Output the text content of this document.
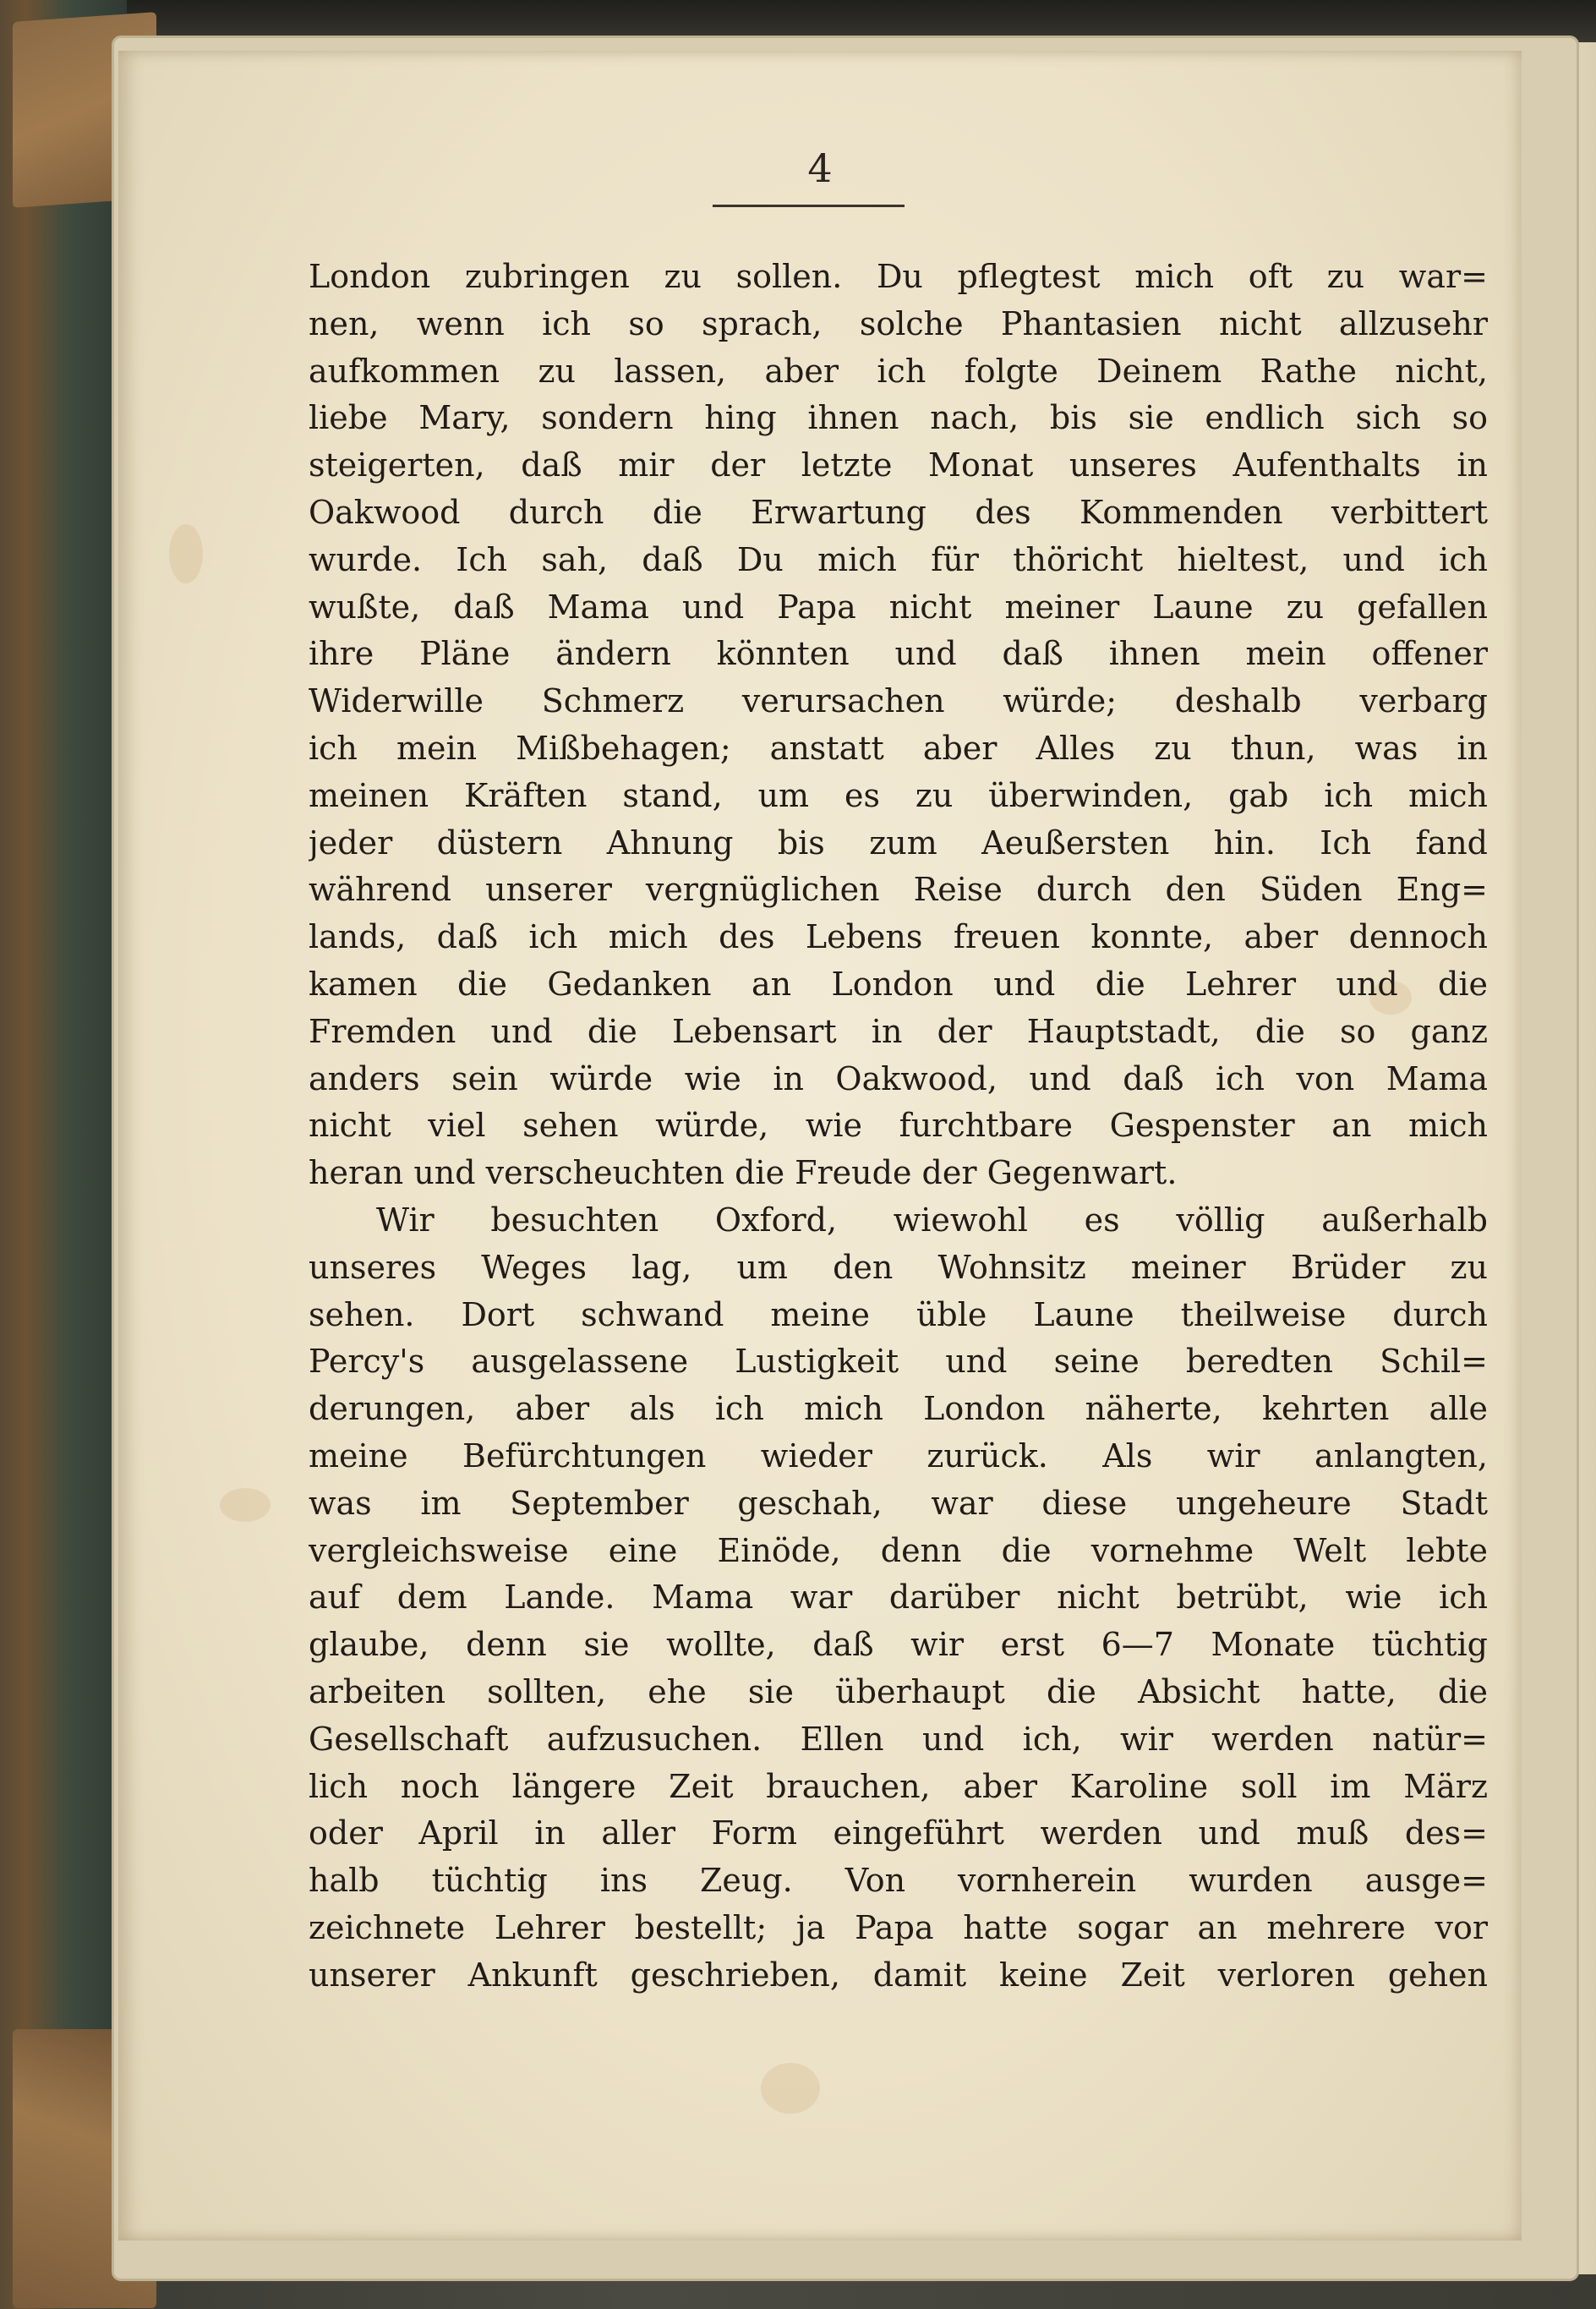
4
London zubringen zu sollen. Du pflegtest mich oft zu war=
nen, wenn ich so sprach, solche Phantasien nicht allzusehr
aufkommen zu lassen, aber ich folgte Deinem Rathe nicht,
liebe Mary, sondern hing ihnen nach, bis sie endlich sich so
steigerten, daß mir der letzte Monat unseres Aufenthalts in
Oakwood durch die Erwartung des Kommenden verbittert
wurde. Ich sah, daß Du mich für thöricht hieltest, und ich
wußte, daß Mama und Papa nicht meiner Laune zu gefallen
ihre Pläne ändern könnten und daß ihnen mein offener
Widerwille Schmerz verursachen würde; deshalb verbarg
ich mein Mißbehagen; anstatt aber Alles zu thun, was in
meinen Kräften stand, um es zu überwinden, gab ich mich
jeder düstern Ahnung bis zum Aeußersten hin. Ich fand
während unserer vergnüglichen Reise durch den Süden Eng=
lands, daß ich mich des Lebens freuen konnte, aber dennoch
kamen die Gedanken an London und die Lehrer und die
Fremden und die Lebensart in der Hauptstadt, die so ganz
anders sein würde wie in Oakwood, und daß ich von Mama
nicht viel sehen würde, wie furchtbare Gespenster an mich
heran und verscheuchten die Freude der Gegenwart.
Wir besuchten Oxford, wiewohl es völlig außerhalb
unseres Weges lag, um den Wohnsitz meiner Brüder zu
sehen. Dort schwand meine üble Laune theilweise durch
Percy's ausgelassene Lustigkeit und seine beredten Schil=
derungen, aber als ich mich London näherte, kehrten alle
meine Befürchtungen wieder zurück. Als wir anlangten,
was im September geschah, war diese ungeheure Stadt
vergleichsweise eine Einöde, denn die vornehme Welt lebte
auf dem Lande. Mama war darüber nicht betrübt, wie ich
glaube, denn sie wollte, daß wir erst 6—7 Monate tüchtig
arbeiten sollten, ehe sie überhaupt die Absicht hatte, die
Gesellschaft aufzusuchen. Ellen und ich, wir werden natür=
lich noch längere Zeit brauchen, aber Karoline soll im März
oder April in aller Form eingeführt werden und muß des=
halb tüchtig ins Zeug. Von vornherein wurden ausge=
zeichnete Lehrer bestellt; ja Papa hatte sogar an mehrere vor
unserer Ankunft geschrieben, damit keine Zeit verloren gehen
